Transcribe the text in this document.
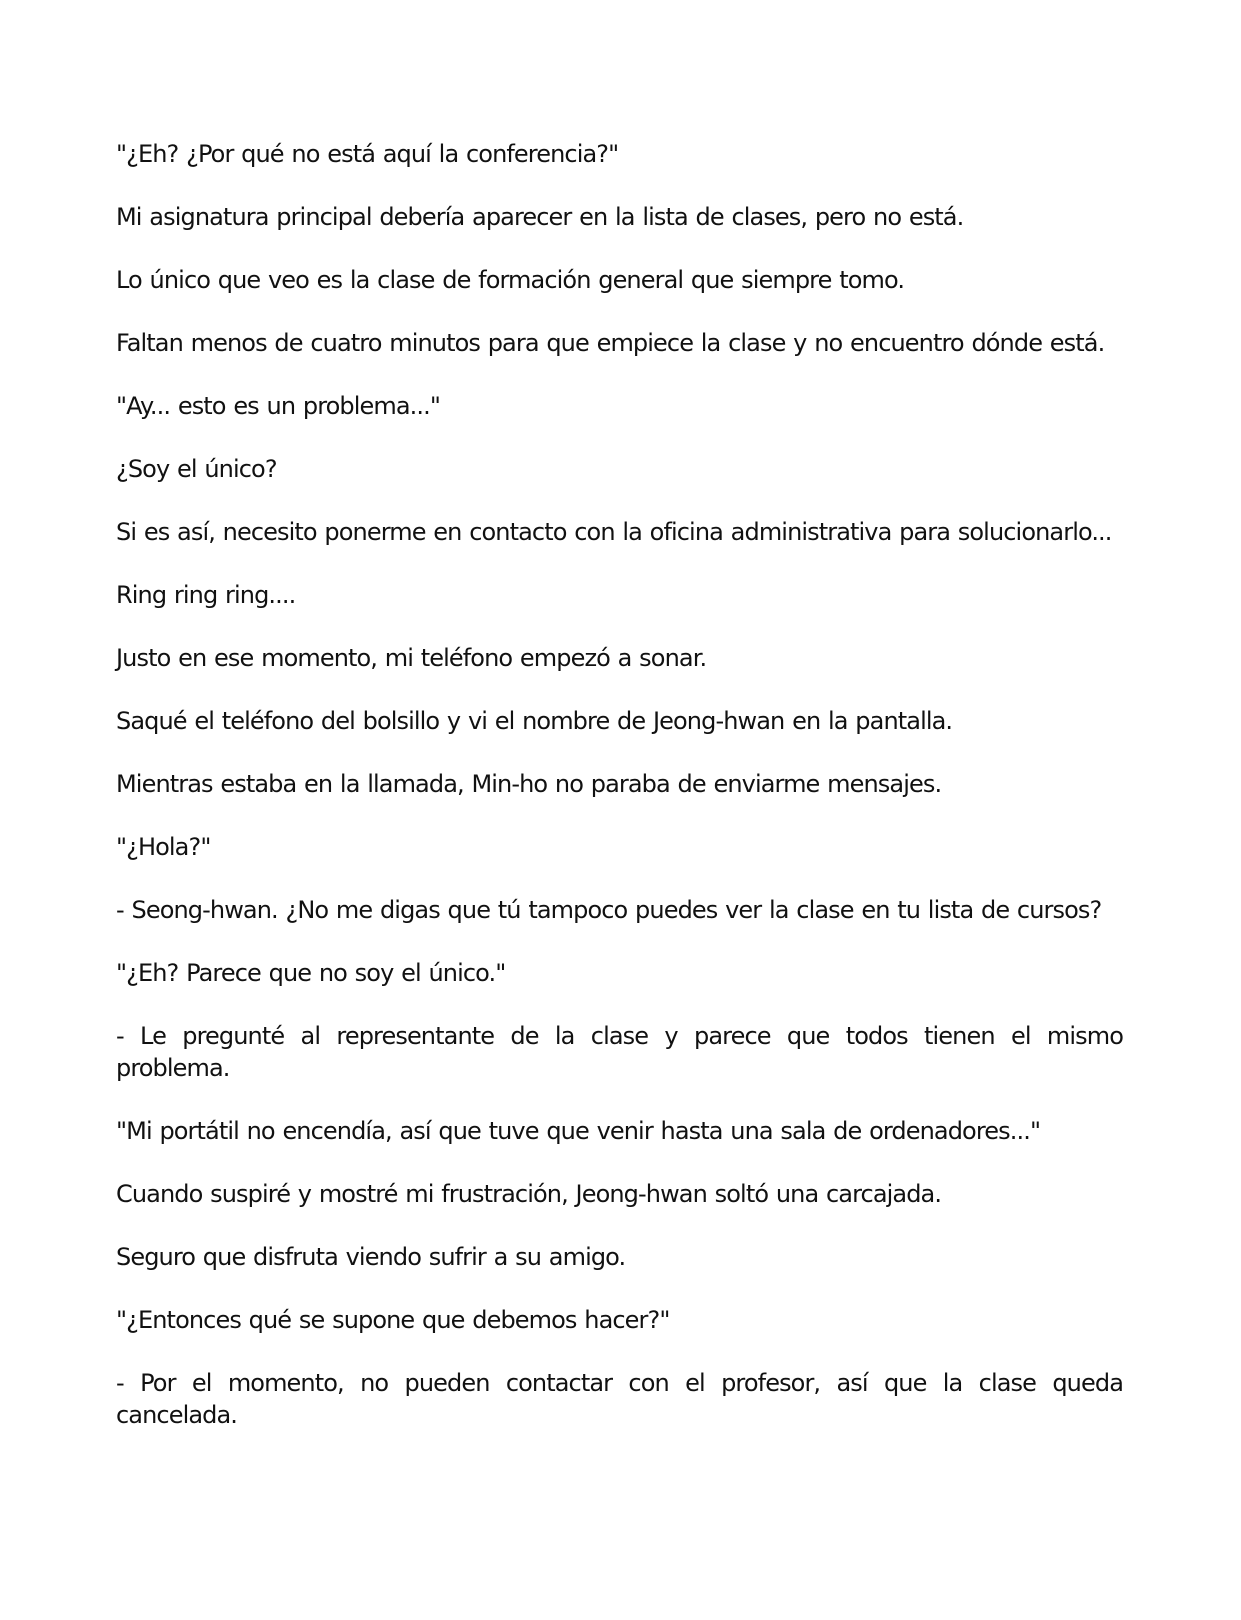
"¿Eh? ¿Por qué no está aquí la conferencia?"

Mi asignatura principal debería aparecer en la lista de clases, pero no está.

Lo único que veo es la clase de formación general que siempre tomo.

Faltan menos de cuatro minutos para que empiece la clase y no encuentro dónde está.

"Ay... esto es un problema..."

¿Soy el único?

Si es así, necesito ponerme en contacto con la oficina administrativa para solucionarlo...

Ring ring ring....

Justo en ese momento, mi teléfono empezó a sonar.

Saqué el teléfono del bolsillo y vi el nombre de Jeong-hwan en la pantalla.

Mientras estaba en la llamada, Min-ho no paraba de enviarme mensajes.

"¿Hola?"

- Seong-hwan. ¿No me digas que tú tampoco puedes ver la clase en tu lista de cursos?

"¿Eh? Parece que no soy el único."

- Le pregunté al representante de la clase y parece que todos tienen el mismo problema.

"Mi portátil no encendía, así que tuve que venir hasta una sala de ordenadores..."

Cuando suspiré y mostré mi frustración, Jeong-hwan soltó una carcajada.

Seguro que disfruta viendo sufrir a su amigo.

"¿Entonces qué se supone que debemos hacer?"

- Por el momento, no pueden contactar con el profesor, así que la clase queda cancelada.
